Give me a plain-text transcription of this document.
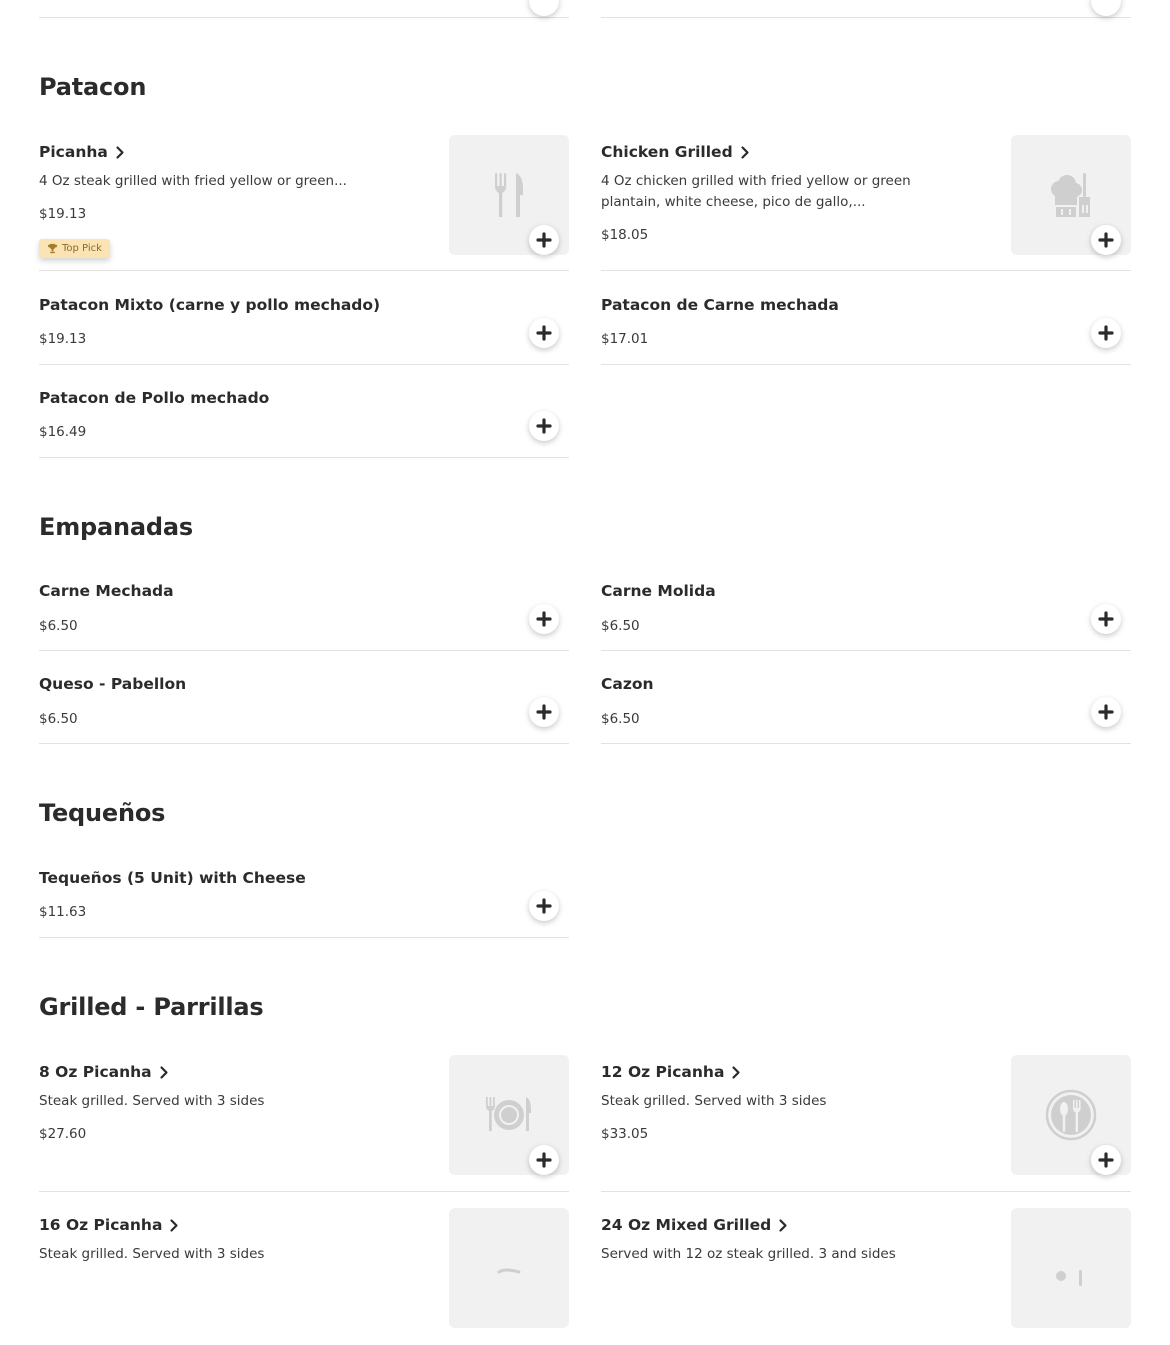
Patacon
Picanha
4 Oz steak grilled with fried yellow or green...
$19.13
Top Pick
Chicken Grilled
4 Oz chicken grilled with fried yellow or green plantain, white cheese, pico de gallo,...
$18.05
Patacon Mixto (carne y pollo mechado)
$19.13
Patacon de Carne mechada
$17.01
Patacon de Pollo mechado
$16.49
Empanadas
Carne Mechada
$6.50
Carne Molida
$6.50
Queso - Pabellon
$6.50
Cazon
$6.50
Tequeños
Tequeños (5 Unit) with Cheese
$11.63
Grilled - Parrillas
8 Oz Picanha
Steak grilled. Served with 3 sides
$27.60
12 Oz Picanha
Steak grilled. Served with 3 sides
$33.05
16 Oz Picanha
Steak grilled. Served with 3 sides
24 Oz Mixed Grilled
Served with 12 oz steak grilled. 3 and sides
